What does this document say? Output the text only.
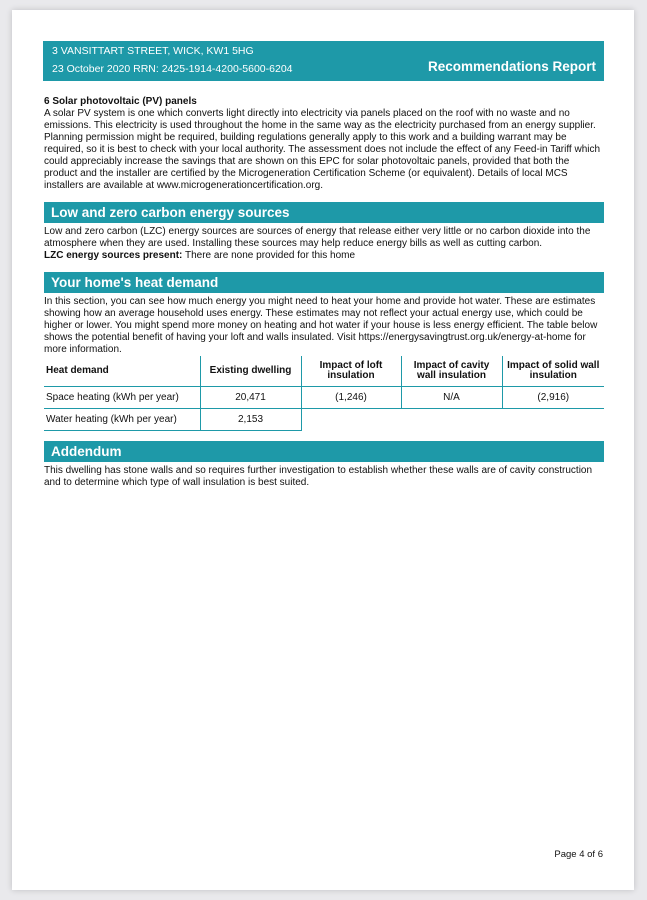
3 VANSITTART STREET, WICK, KW1 5HG
23 October 2020 RRN: 2425-1914-4200-5600-6204	Recommendations Report
6 Solar photovoltaic (PV) panels

A solar PV system is one which converts light directly into electricity via panels placed on the roof with no waste and no emissions. This electricity is used throughout the home in the same way as the electricity purchased from an energy supplier. Planning permission might be required, building regulations generally apply to this work and a building warrant may be required, so it is best to check with your local authority. The assessment does not include the effect of any Feed-in Tariff which could appreciably increase the savings that are shown on this EPC for solar photovoltaic panels, provided that both the product and the installer are certified by the Microgeneration Certification Scheme (or equivalent). Details of local MCS installers are available at www.microgenerationcertification.org.

Low and zero carbon energy sources

Low and zero carbon (LZC) energy sources are sources of energy that release either very little or no carbon dioxide into the atmosphere when they are used. Installing these sources may help reduce energy bills as well as cutting carbon.

LZC energy sources present: There are none provided for this home

Your home's heat demand

In this section, you can see how much energy you might need to heat your home and provide hot water. These are estimates showing how an average household uses energy. These estimates may not reflect your actual energy use, which could be higher or lower. You might spend more money on heating and hot water if your house is less energy efficient. The table below shows the potential benefit of having your loft and walls insulated. Visit https://energysavingtrust.org.uk/energy-at-home for more information.

Heat demand	Existing dwelling	Impact of loft insulation	Impact of cavity wall insulation	Impact of solid wall insulation
Space heating (kWh per year)	20,471	(1,246)	N/A	(2,916)
Water heating (kWh per year)	2,153			
Addendum

This dwelling has stone walls and so requires further investigation to establish whether these walls are of cavity construction and to determine which type of wall insulation is best suited.

Page 4 of 6
